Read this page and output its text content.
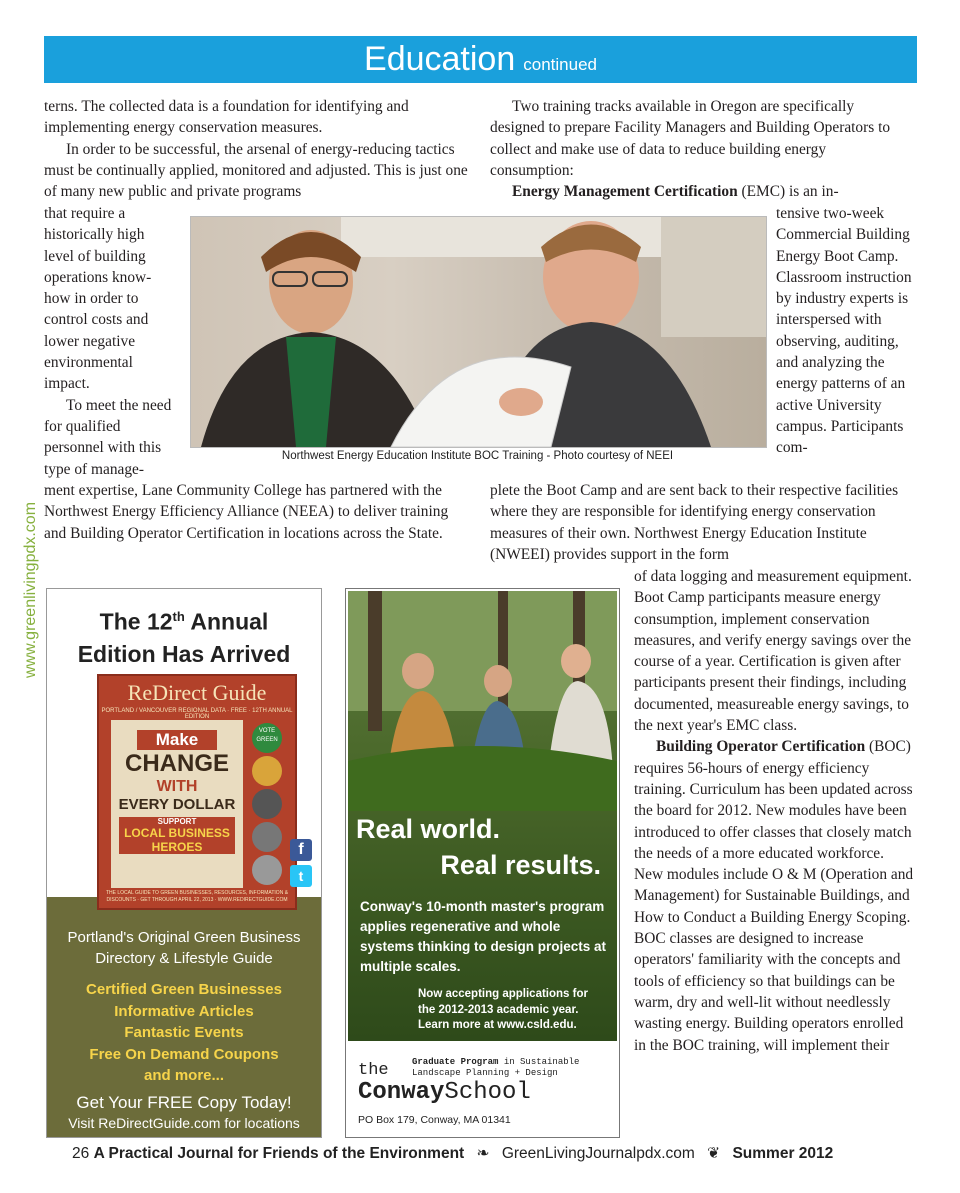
Education continued

terns. The collected data is a foundation for identifying and implementing energy conservation measures.

In order to be successful, the arsenal of energy-reducing tactics must be continually applied, monitored and adjusted. This is just one of many new public and private programs

that require a historically high level of building operations know-how in order to control costs and lower negative environmental impact.

To meet the need for qualified personnel with this type of manage-

Two training tracks available in Oregon are specifically designed to prepare Facility Managers and Building Operators to collect and make use of data to reduce building energy consumption:

Energy Management Certification (EMC) is an in-

tensive two-week Commercial Building Energy Boot Camp. Classroom instruction by industry experts is interspersed with observing, auditing, and analyzing the energy patterns of an active University campus. Participants com-

Northwest Energy Education Institute BOC Training - Photo courtesy of NEEI
www.greenlivingpdx.com

ment expertise, Lane Community College has partnered with the Northwest Energy Efficiency Alliance (NEEA) to deliver training and Building Operator Certification in locations across the State.

plete the Boot Camp and are sent back to their respective facilities where they are responsible for identifying energy conservation measures of their own. Northwest Energy Education Institute (NWEEI) provides support in the form

of data logging and measurement equipment. Boot Camp participants measure energy consumption, implement conservation measures, and verify energy savings over the course of a year. Certification is given after participants present their findings, including documented, measureable energy savings, to the next year's EMC class.

Building Operator Certification (BOC) requires 56-hours of energy efficiency training. Curriculum has been updated across the board for 2012. New modules have been introduced to offer classes that closely match the needs of a more educated workforce. New modules include O & M (Operation and Management) for Sustainable Buildings, and How to Conduct a Building Energy Scoping. BOC classes are designed to increase operators' familiarity with the concepts and tools of efficiency so that buildings can be warm, dry and well-lit without needlessly wasting energy. Building operators enrolled in the BOC training, will implement their

The 12th Annual
Edition Has Arrived
ReDirect Guide
PORTLAND / VANCOUVER REGIONAL DATA · FREE · 12TH ANNUAL EDITION
Make
CHANGE
WITH
EVERY DOLLAR
SUPPORT
LOCAL BUSINESS
HEROES
VOTE GREEN
THE LOCAL GUIDE TO GREEN BUSINESSES, RESOURCES, INFORMATION & DISCOUNTS · GET THROUGH APRIL 22, 2013 · WWW.REDIRECTGUIDE.COM
f
t
Portland's Original Green Business Directory & Lifestyle Guide
Certified Green Businesses
Informative Articles
Fantastic Events
Free On Demand Coupons
and more...
Get Your FREE Copy Today!
Visit ReDirectGuide.com for locations
Real world.
Real results.
Conway's 10-month master's program applies regenerative and whole systems thinking to design projects at multiple scales.
Now accepting applications for
the 2012-2013 academic year.
Learn more at www.csld.edu.
the	Graduate Program in Sustainable
Landscape Planning + Design
ConwaySchool
PO Box 179, Conway, MA 01341
26 A Practical Journal for Friends of the Environment ❧ GreenLivingJournalpdx.com ❦ Summer 2012
